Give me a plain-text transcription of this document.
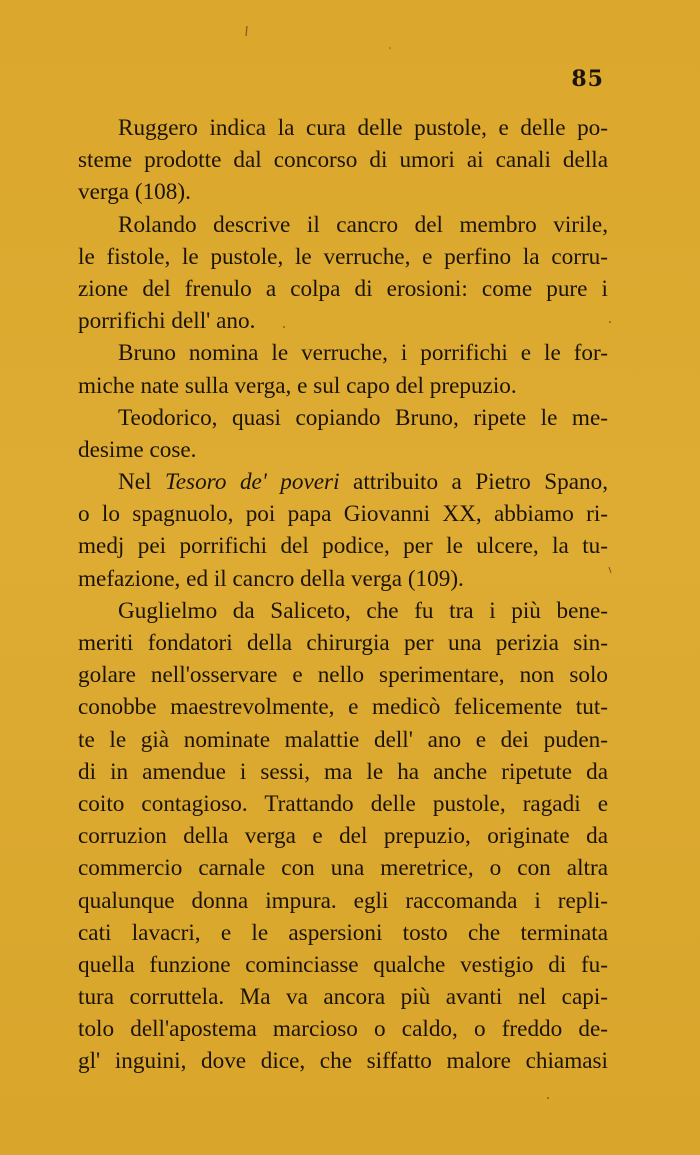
85
Ruggero indica la cura delle pustole, e delle po-
steme prodotte dal concorso di umori ai canali della
verga (108).
Rolando descrive il cancro del membro virile,
le fistole, le pustole, le verruche, e perfino la corru-
zione del frenulo a colpa di erosioni: come pure i
porrifichi dell' ano.
Bruno nomina le verruche, i porrifichi e le for-
miche nate sulla verga, e sul capo del prepuzio.
Teodorico, quasi copiando Bruno, ripete le me-
desime cose.
Nel Tesoro de' poveri attribuito a Pietro Spano,
o lo spagnuolo, poi papa Giovanni XX, abbiamo ri-
medj pei porrifichi del podice, per le ulcere, la tu-
mefazione, ed il cancro della verga (109).
Guglielmo da Saliceto, che fu tra i più bene-
meriti fondatori della chirurgia per una perizia sin-
golare nell'osservare e nello sperimentare, non solo
conobbe maestrevolmente, e medicò felicemente tut-
te le già nominate malattie dell' ano e dei puden-
di in amendue i sessi, ma le ha anche ripetute da
coito contagioso. Trattando delle pustole, ragadi e
corruzion della verga e del prepuzio, originate da
commercio carnale con una meretrice, o con altra
qualunque donna impura. egli raccomanda i repli-
cati lavacri, e le aspersioni tosto che terminata
quella funzione cominciasse qualche vestigio di fu-
tura corruttela. Ma va ancora più avanti nel capi-
tolo dell'apostema marcioso o caldo, o freddo de-
gl' inguini, dove dice, che siffatto malore chiamasi
